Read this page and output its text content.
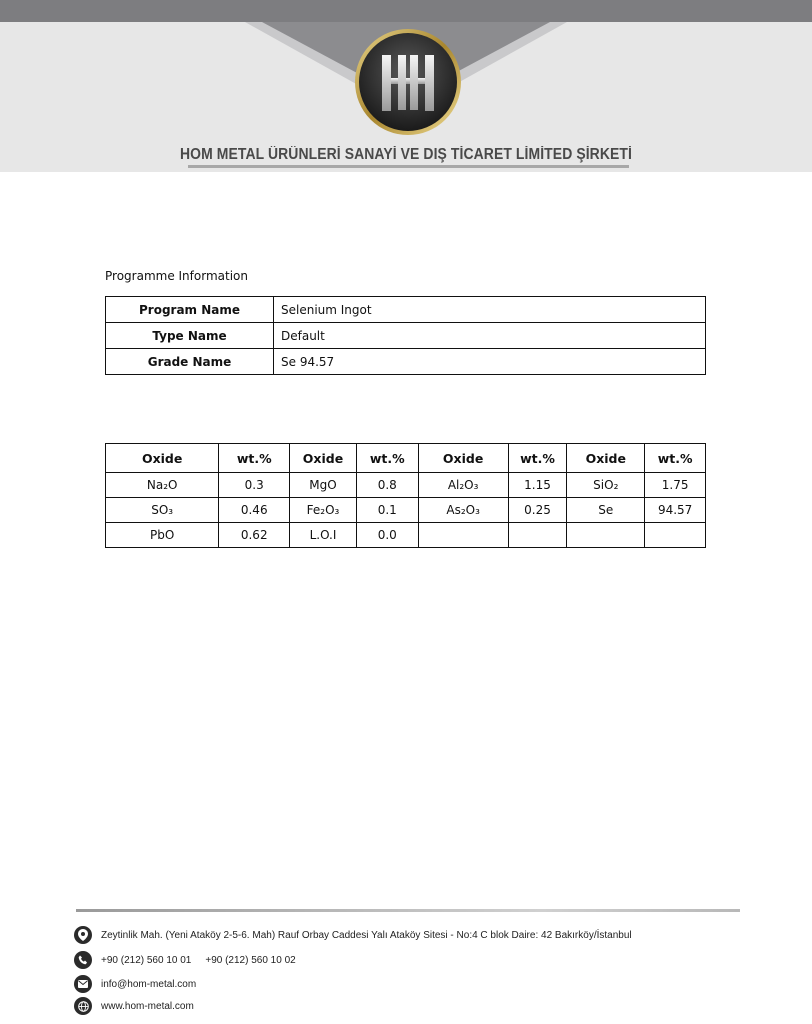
HOM METAL ÜRÜNLERİ SANAYİ VE DIŞ TİCARET LİMİTED ŞİRKETİ
Programme Information
Program Name	Selenium Ingot
Type Name	Default
Grade Name	Se 94.57
Oxide	wt.%	Oxide	wt.%	Oxide	wt.%	Oxide	wt.%
Na₂O	0.3	MgO	0.8	Al₂O₃	1.15	SiO₂	1.75
SO₃	0.46	Fe₂O₃	0.1	As₂O₃	0.25	Se	94.57
PbO	0.62	L.O.I	0.0				
Zeytinlik Mah. (Yeni Ataköy 2-5-6. Mah) Rauf Orbay Caddesi Yalı Ataköy Sitesi - No:4 C blok Daire: 42 Bakırköy/İstanbul
+90 (212) 560 10 01 +90 (212) 560 10 02
info@hom-metal.com
www.hom-metal.com
